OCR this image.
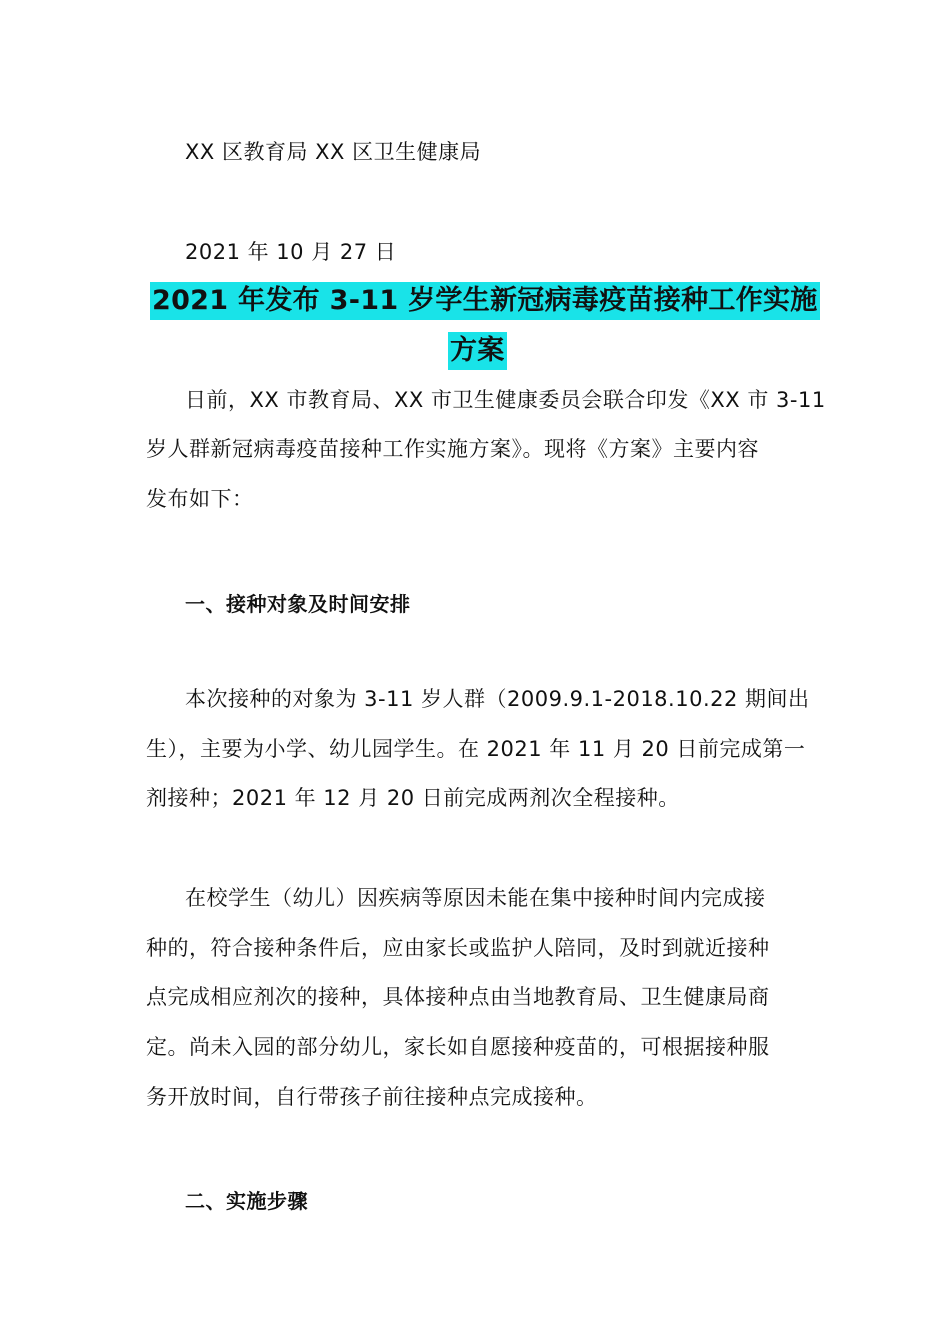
XX 区教育局 XX 区卫生健康局
2021 年 10 月 27 日
2021 年发布 3-11 岁学生新冠病毒疫苗接种工作实施
方案
日前，XX 市教育局、XX 市卫生健康委员会联合印发《XX 市 3-11
岁人群新冠病毒疫苗接种工作实施方案》。现将《方案》主要内容
发布如下：
一、接种对象及时间安排
本次接种的对象为 3-11 岁人群（2009.9.1-2018.10.22 期间出
生），主要为小学、幼儿园学生。在 2021 年 11 月 20 日前完成第一
剂接种；2021 年 12 月 20 日前完成两剂次全程接种。
在校学生（幼儿）因疾病等原因未能在集中接种时间内完成接
种的，符合接种条件后，应由家长或监护人陪同，及时到就近接种
点完成相应剂次的接种，具体接种点由当地教育局、卫生健康局商
定。尚未入园的部分幼儿，家长如自愿接种疫苗的，可根据接种服
务开放时间，自行带孩子前往接种点完成接种。
二、实施步骤
